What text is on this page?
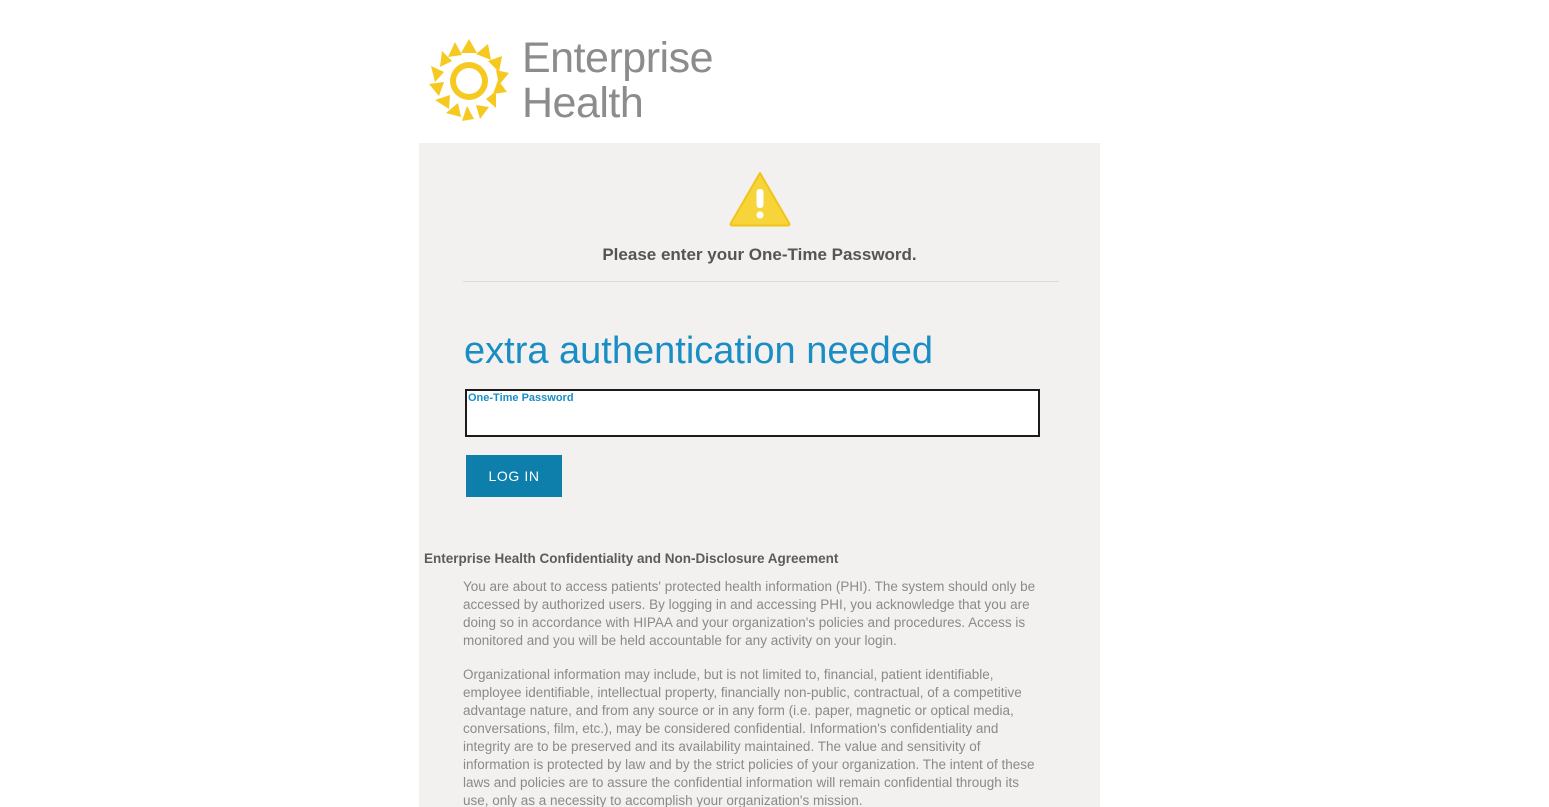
Enterprise
Health
Please enter your One-Time Password.
extra authentication needed
One-Time Password
LOG IN
Enterprise Health Confidentiality and Non-Disclosure Agreement

You are about to access patients' protected health information (PHI). The system should only be accessed by authorized users. By logging in and accessing PHI, you acknowledge that you are doing so in accordance with HIPAA and your organization's policies and procedures. Access is monitored and you will be held accountable for any activity on your login.

Organizational information may include, but is not limited to, financial, patient identifiable, employee identifiable, intellectual property, financially non-public, contractual, of a competitive advantage nature, and from any source or in any form (i.e. paper, magnetic or optical media, conversations, film, etc.), may be considered confidential. Information's confidentiality and integrity are to be preserved and its availability maintained. The value and sensitivity of information is protected by law and by the strict policies of your organization. The intent of these laws and policies are to assure the confidential information will remain confidential through its use, only as a necessity to accomplish your organization's mission.
